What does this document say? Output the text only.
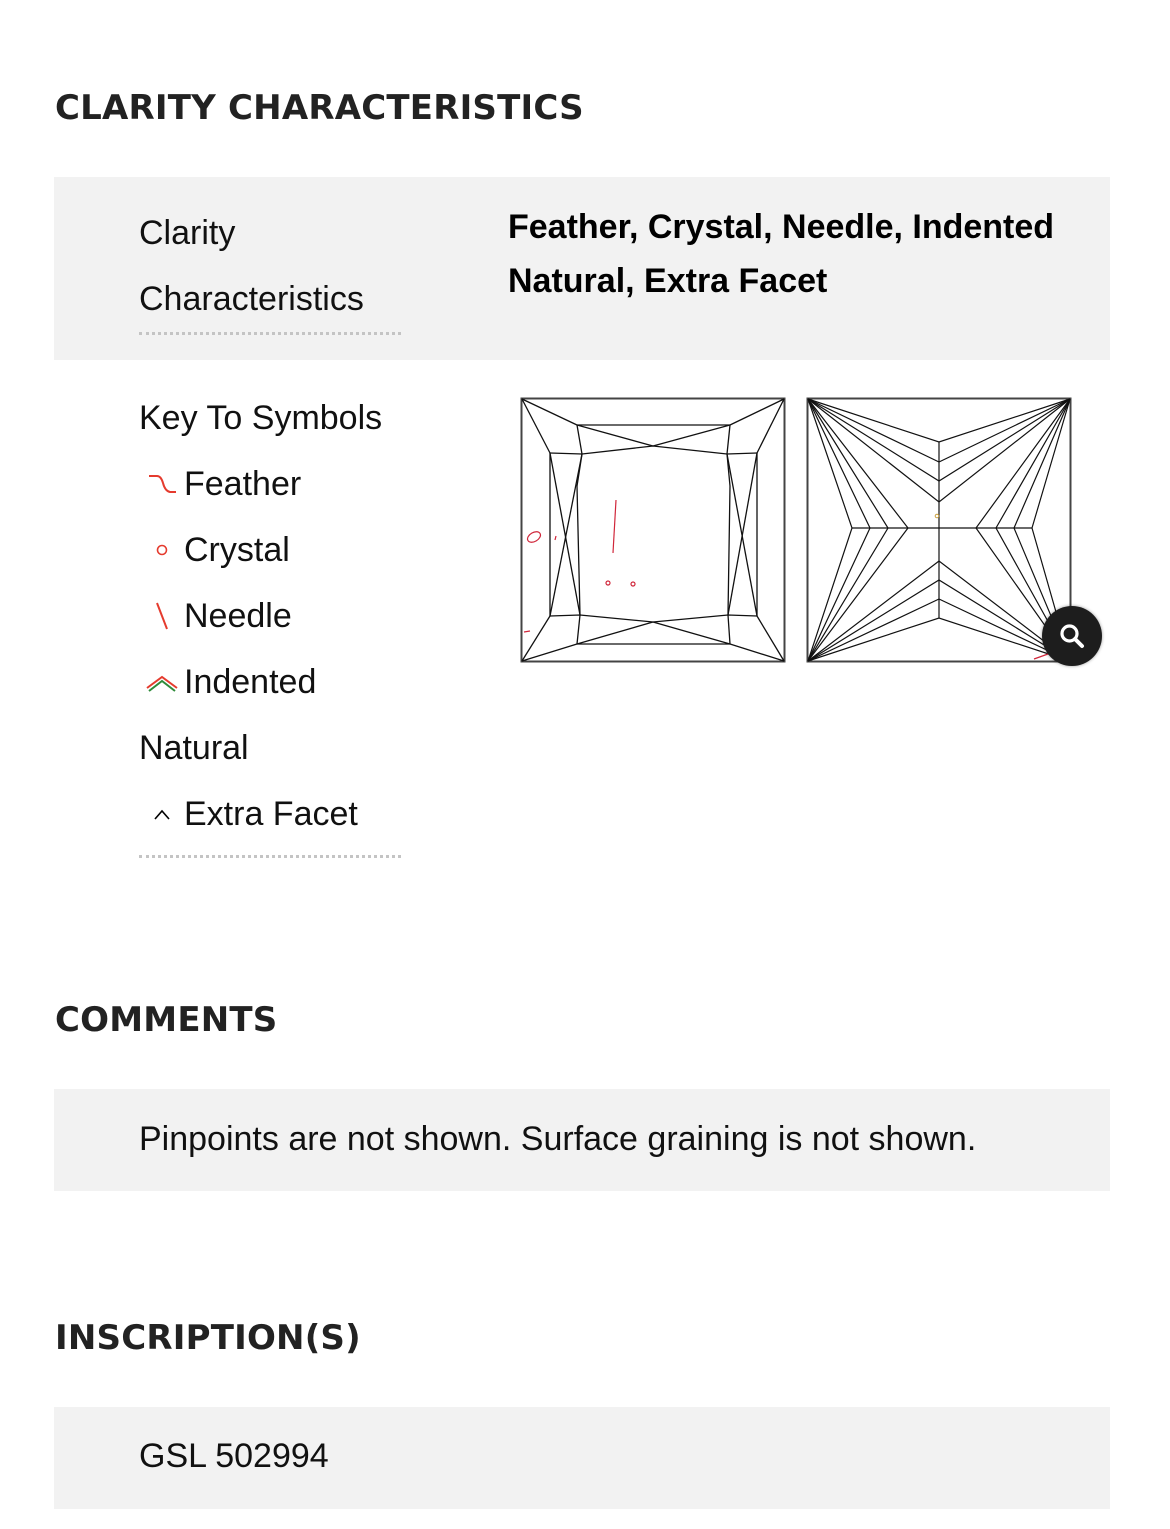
CLARITY CHARACTERISTICS
Clarity
Characteristics
Feather, Crystal, Needle, Indented
Natural, Extra Facet
Key To Symbols
Feather
Crystal
Needle
Indented
Natural
Extra Facet
COMMENTS
Pinpoints are not shown. Surface graining is not shown.
INSCRIPTION(S)
GSL 502994
